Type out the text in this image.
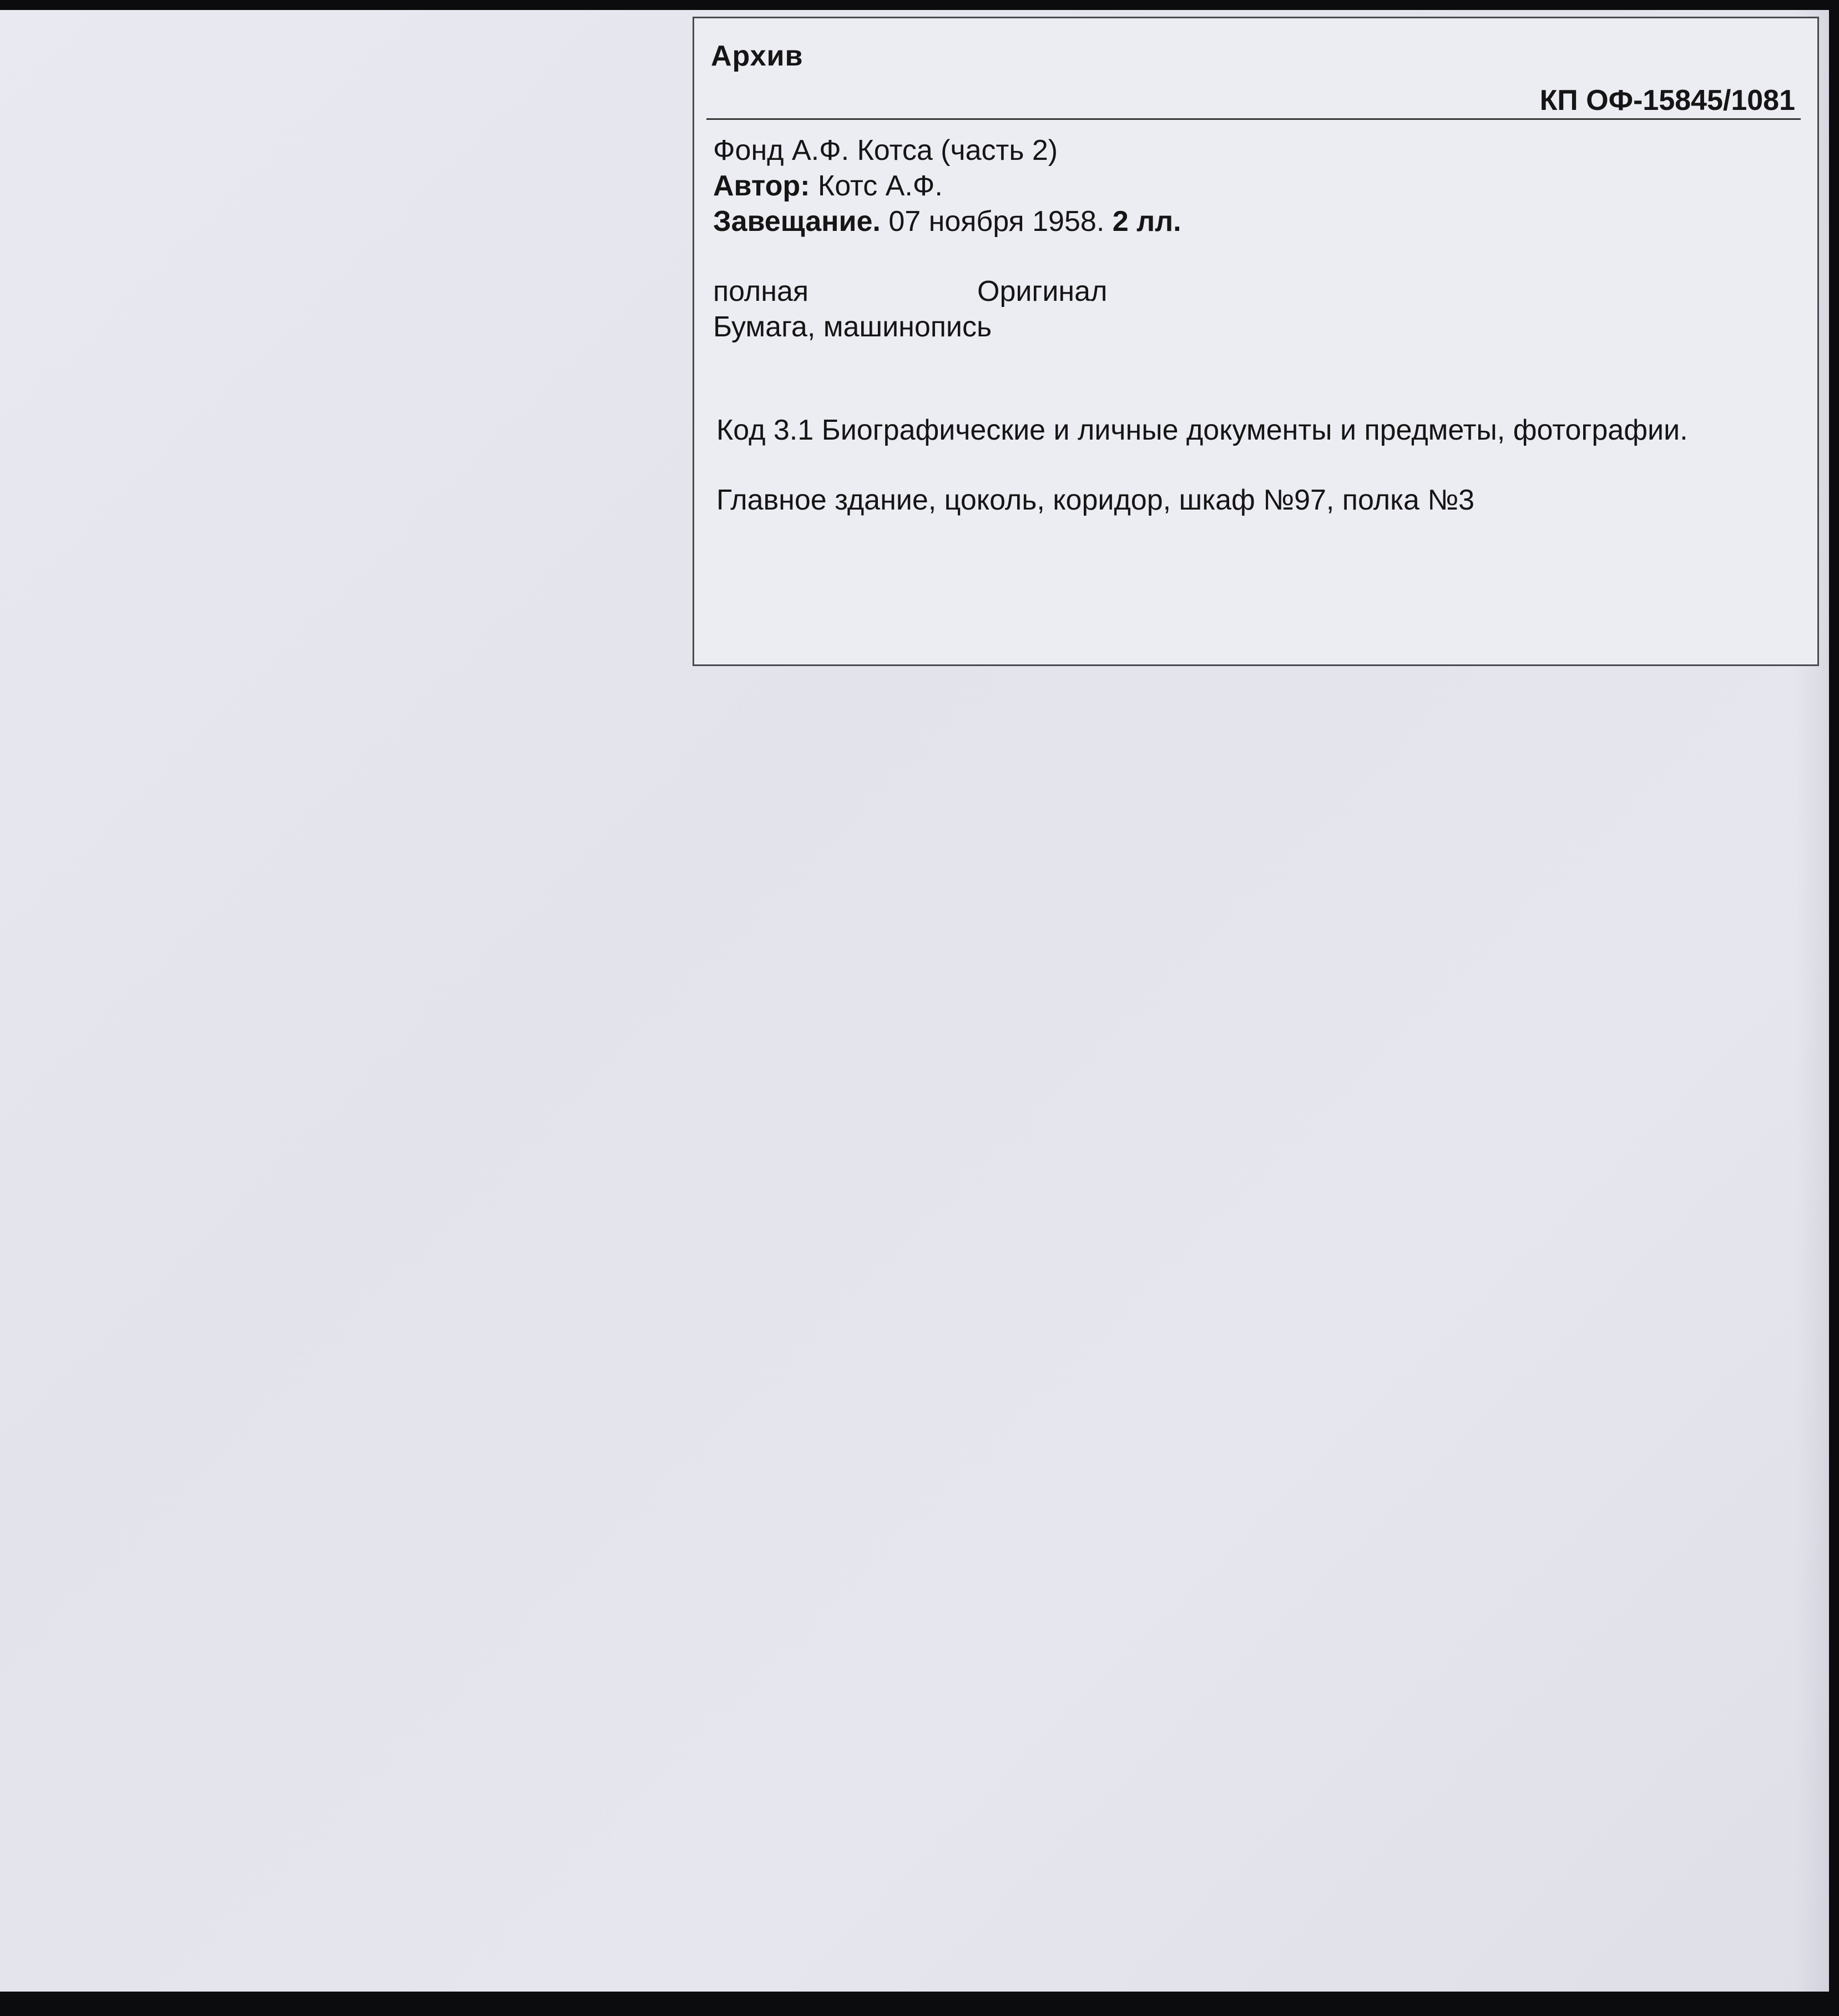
Архив
КП ОФ-15845/1081
Фонд А.Ф. Котса (часть 2)
Автор: Котс А.Ф.
Завещание. 07 ноября 1958. 2 лл.
полная	Оригинал
Бумага, машинопись
Код 3.1 Биографические и личные документы и предметы, фотографии.
Главное здание, цоколь, коридор, шкаф №97, полка №3
